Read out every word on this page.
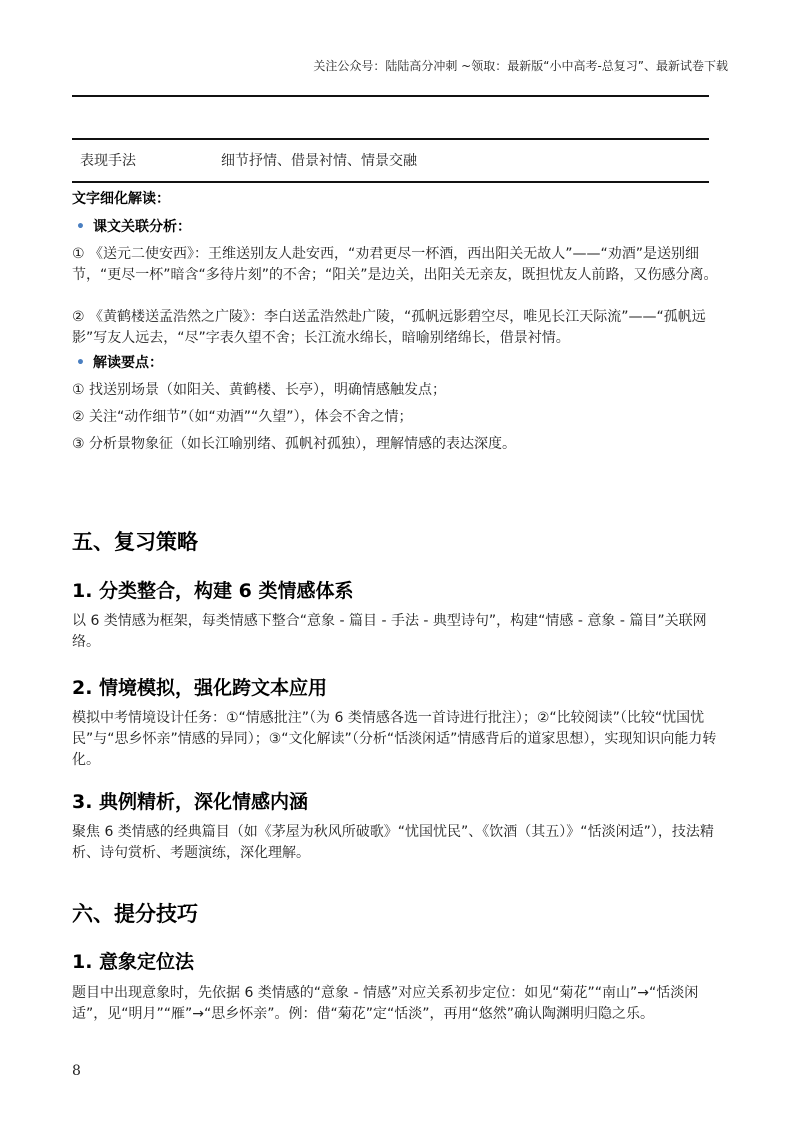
关注公众号：陆陆高分冲刺 ~领取：最新版“小中高考-总复习”、最新试卷下载
表现手法	细节抒情、借景衬情、情景交融
文字细化解读：
• 课文关联分析：
① 《送元二使安西》：王维送别友人赴安西，“劝君更尽一杯酒，西出阳关无故人”——“劝酒”是送别细节，“更尽一杯”暗含“多待片刻”的不舍；“阳关”是边关，出阳关无亲友，既担忧友人前路，又伤感分离。
② 《黄鹤楼送孟浩然之广陵》：李白送孟浩然赴广陵，“孤帆远影碧空尽，唯见长江天际流”——“孤帆远影”写友人远去，“尽”字表久望不舍；长江流水绵长，暗喻别绪绵长，借景衬情。
• 解读要点：
① 找送别场景（如阳关、黄鹤楼、长亭），明确情感触发点；
② 关注“动作细节”（如“劝酒”“久望”），体会不舍之情；
③ 分析景物象征（如长江喻别绪、孤帆衬孤独），理解情感的表达深度。
五、复习策略
1. 分类整合，构建 6 类情感体系
以 6 类情感为框架，每类情感下整合“意象 - 篇目 - 手法 - 典型诗句”，构建“情感 - 意象 - 篇目”关联网络。
2. 情境模拟，强化跨文本应用
模拟中考情境设计任务：①“情感批注”（为 6 类情感各选一首诗进行批注）；②“比较阅读”（比较“忧国忧民”与“思乡怀亲”情感的异同）；③“文化解读”（分析“恬淡闲适”情感背后的道家思想），实现知识向能力转化。
3. 典例精析，深化情感内涵
聚焦 6 类情感的经典篇目（如《茅屋为秋风所破歌》“忧国忧民”、《饮酒（其五）》“恬淡闲适”），技法精析、诗句赏析、考题演练，深化理解。
六、提分技巧
1. 意象定位法
题目中出现意象时，先依据 6 类情感的“意象 - 情感”对应关系初步定位：如见“菊花”“南山”→“恬淡闲适”，见“明月”“雁”→“思乡怀亲”。例：借“菊花”定“恬淡”，再用“悠然”确认陶渊明归隐之乐。
8
